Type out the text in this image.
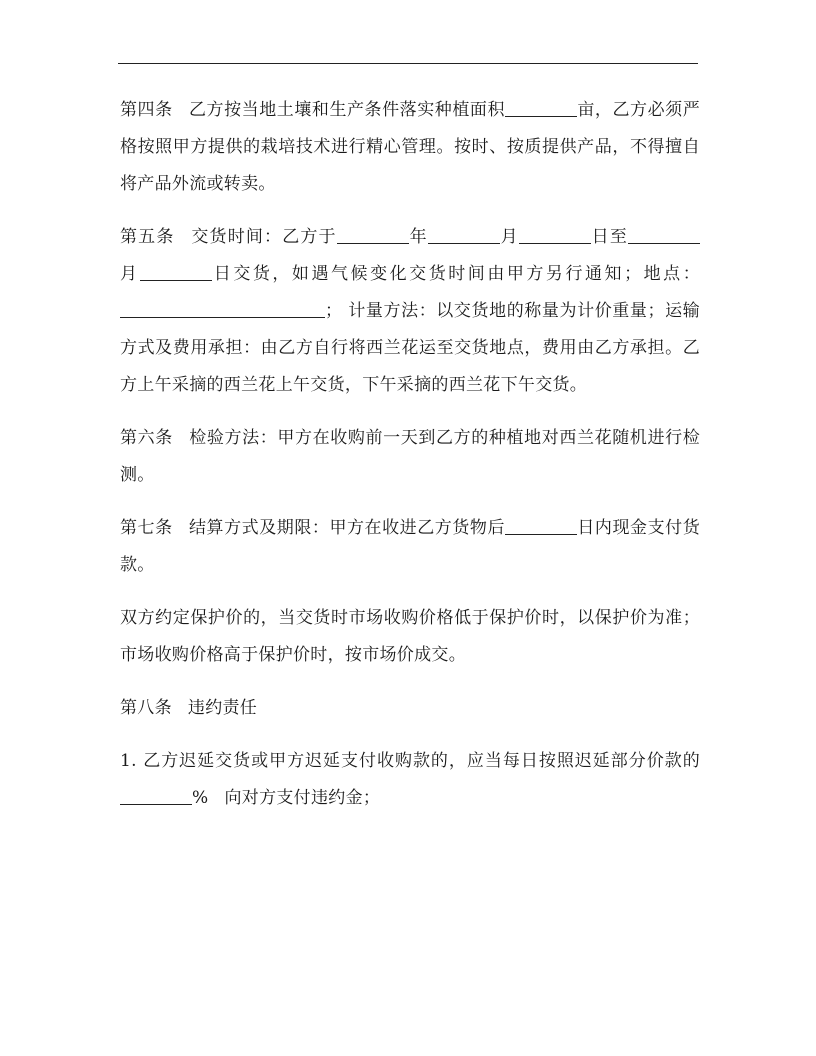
第四条 乙方按当地土壤和生产条件落实种植面积	亩，乙方必须严格按照甲方提供的栽培技术进行精心管理。按时、按质提供产品，不得擅自将产品外流或转卖。

第五条 交货时间：乙方于	年	月	日至月	日交货，如遇气候变化交货时间由甲方另行通知；地点：； 计量方法：以交货地的称量为计价重量；运输方式及费用承担：由乙方自行将西兰花运至交货地点，费用由乙方承担。乙方上午采摘的西兰花上午交货，下午采摘的西兰花下午交货。

第六条 检验方法：甲方在收购前一天到乙方的种植地对西兰花随机进行检测。

第七条 结算方式及期限：甲方在收进乙方货物后	日内现金支付货款。

双方约定保护价的，当交货时市场收购价格低于保护价时，以保护价为准；市场收购价格高于保护价时，按市场价成交。

第八条 违约责任

1. 乙方迟延交货或甲方迟延支付收购款的，应当每日按照迟延部分价款的% 向对方支付违约金；
